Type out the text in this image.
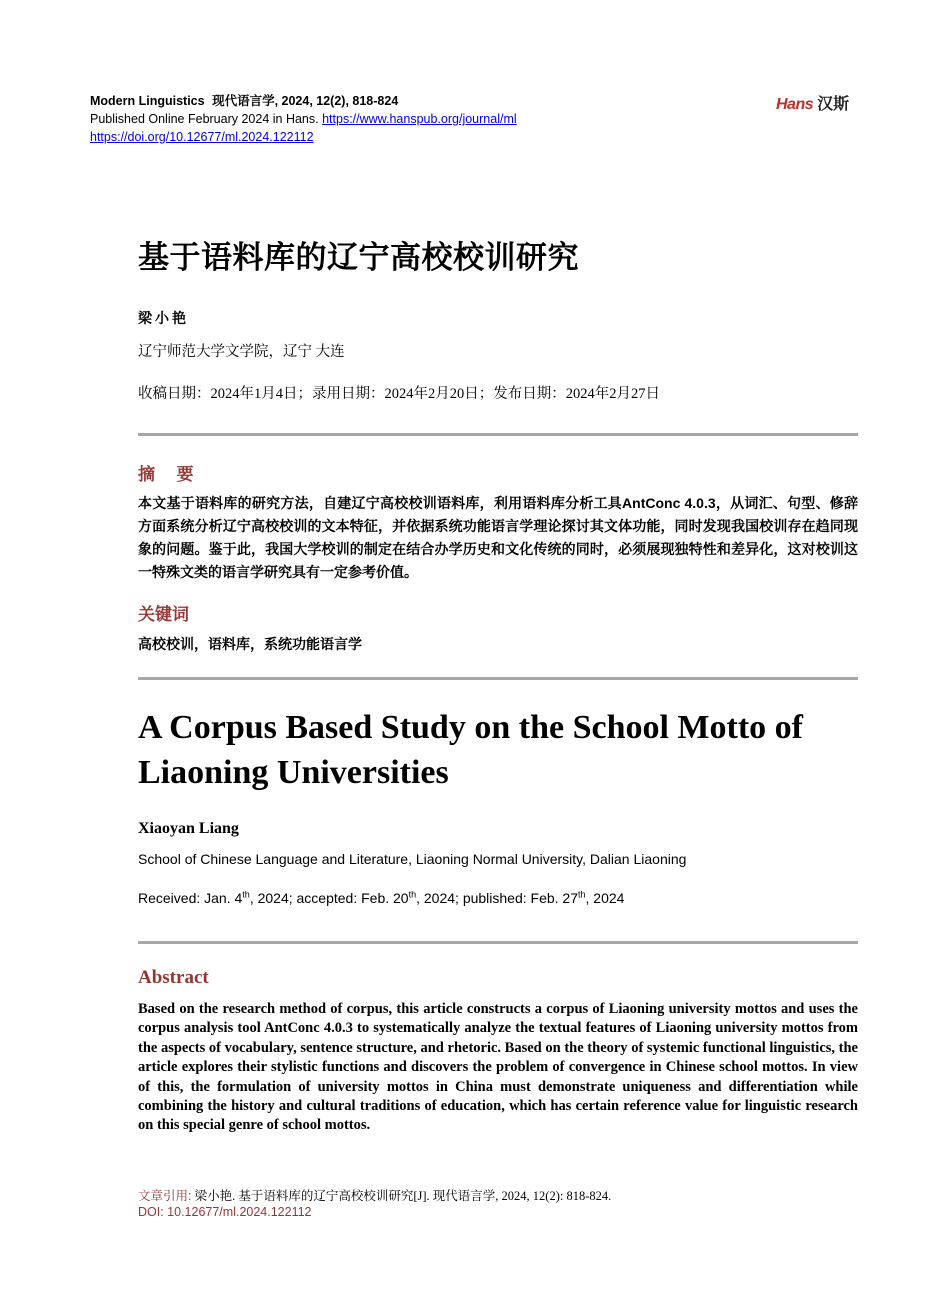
Modern Linguistics 现代语言学, 2024, 12(2), 818-824
Published Online February 2024 in Hans. https://www.hanspub.org/journal/ml
https://doi.org/10.12677/ml.2024.122112
Hans 汉斯
基于语料库的辽宁高校校训研究
梁小艳
辽宁师范大学文学院，辽宁 大连
收稿日期：2024年1月4日；录用日期：2024年2月20日；发布日期：2024年2月27日
摘  要
本文基于语料库的研究方法，自建辽宁高校校训语料库，利用语料库分析工具AntConc 4.0.3，从词汇、句型、修辞方面系统分析辽宁高校校训的文本特征，并依据系统功能语言学理论探讨其文体功能，同时发现我国校训存在趋同现象的问题。鉴于此，我国大学校训的制定在结合办学历史和文化传统的同时，必须展现独特性和差异化，这对校训这一特殊文类的语言学研究具有一定参考价值。
关键词
高校校训，语料库，系统功能语言学
A Corpus Based Study on the School Motto of Liaoning Universities
Xiaoyan Liang
School of Chinese Language and Literature, Liaoning Normal University, Dalian Liaoning
Received: Jan. 4th, 2024; accepted: Feb. 20th, 2024; published: Feb. 27th, 2024
Abstract
Based on the research method of corpus, this article constructs a corpus of Liaoning university mottos and uses the corpus analysis tool AntConc 4.0.3 to systematically analyze the textual features of Liaoning university mottos from the aspects of vocabulary, sentence structure, and rhetoric. Based on the theory of systemic functional linguistics, the article explores their stylistic functions and discovers the problem of convergence in Chinese school mottos. In view of this, the formulation of university mottos in China must demonstrate uniqueness and differentiation while combining the history and cultural traditions of education, which has certain reference value for linguistic research on this special genre of school mottos.
文章引用: 梁小艳. 基于语料库的辽宁高校校训研究[J]. 现代语言学, 2024, 12(2): 818-824.
DOI: 10.12677/ml.2024.122112
